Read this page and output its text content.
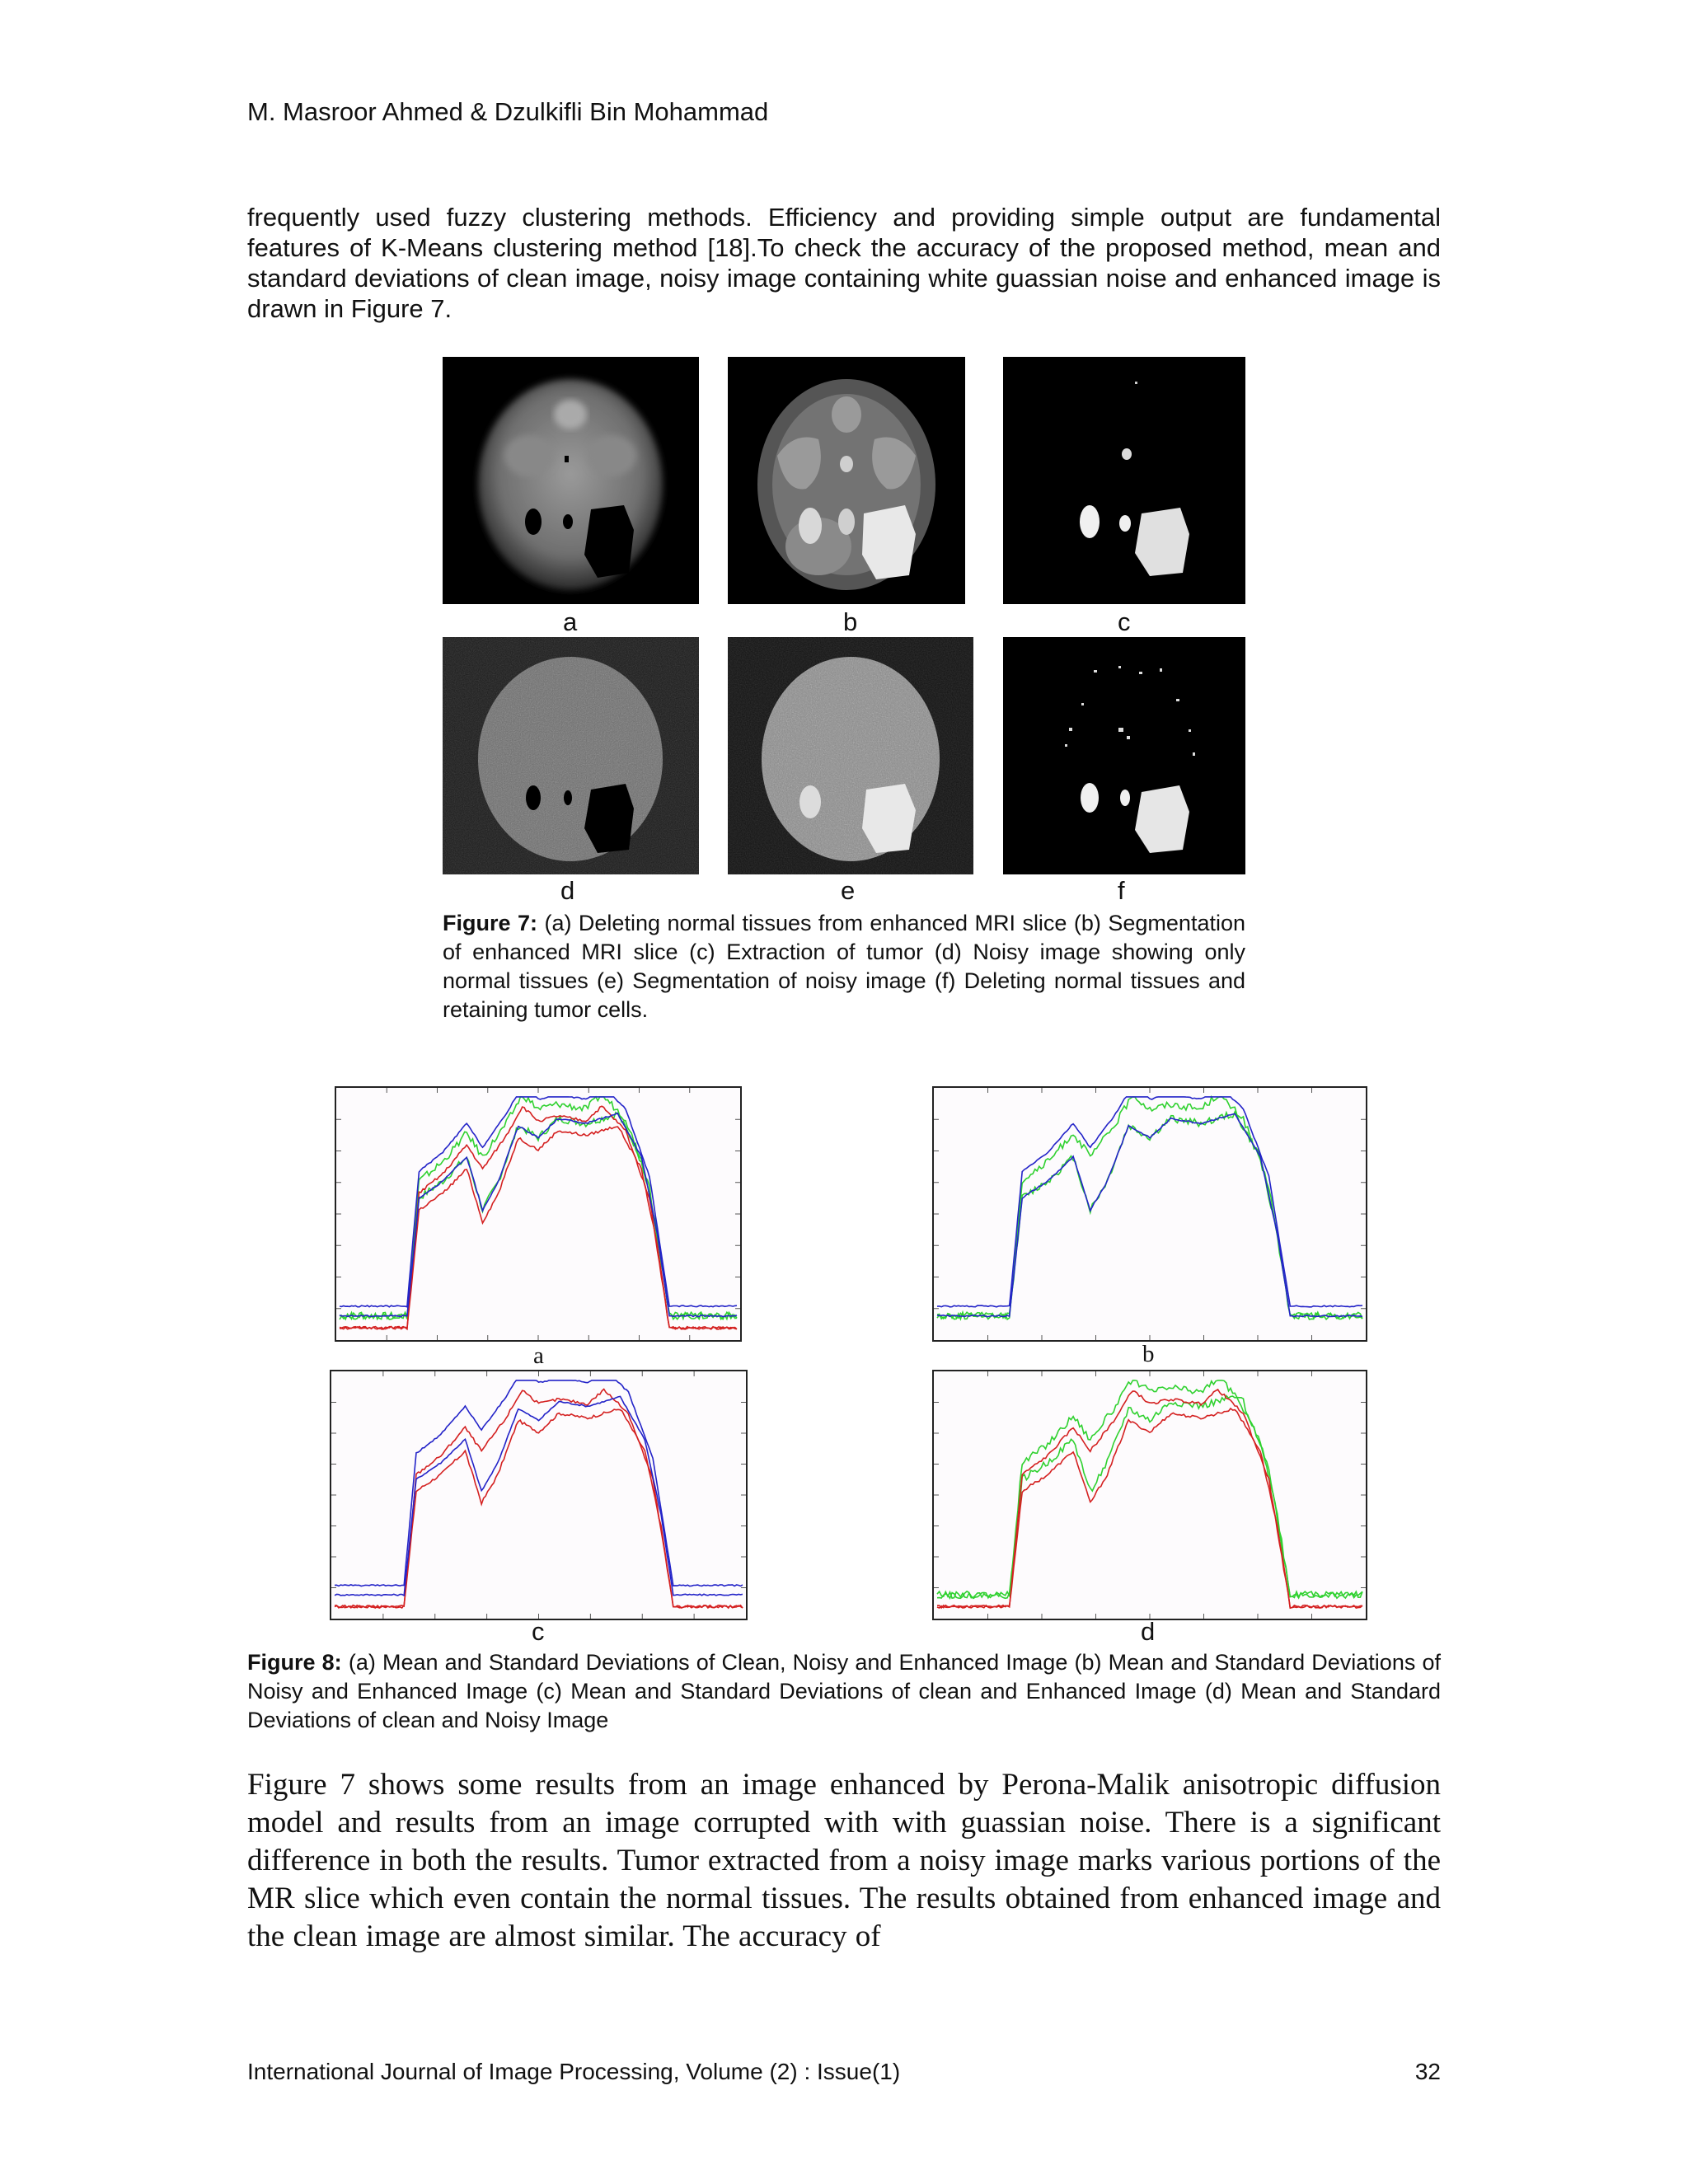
M. Masroor Ahmed & Dzulkifli Bin Mohammad
frequently used fuzzy clustering methods. Efficiency and providing simple output are fundamental features of K-Means clustering method [18].To check the accuracy of the proposed method, mean and standard deviations of clean image, noisy image containing white guassian noise and enhanced image is drawn in Figure 7.
a	b	c
d	e	f
Figure 7: (a) Deleting normal tissues from enhanced MRI slice (b) Segmentation of enhanced MRI slice (c) Extraction of tumor (d) Noisy image showing only normal tissues (e) Segmentation of noisy image (f) Deleting normal tissues and retaining tumor cells.
a	b
c	d
Figure 8: (a) Mean and Standard Deviations of Clean, Noisy and Enhanced Image (b) Mean and Standard Deviations of Noisy and Enhanced Image (c) Mean and Standard Deviations of clean and Enhanced Image (d) Mean and Standard Deviations of clean and Noisy Image
Figure 7 shows some results from an image enhanced by Perona-Malik anisotropic diffusion model and results from an image corrupted with with guassian noise. There is a significant difference in both the results. Tumor extracted from a noisy image marks various portions of the MR slice which even contain the normal tissues. The results obtained from enhanced image and the clean image are almost similar. The accuracy of
International Journal of Image Processing, Volume (2) : Issue(1)	32
